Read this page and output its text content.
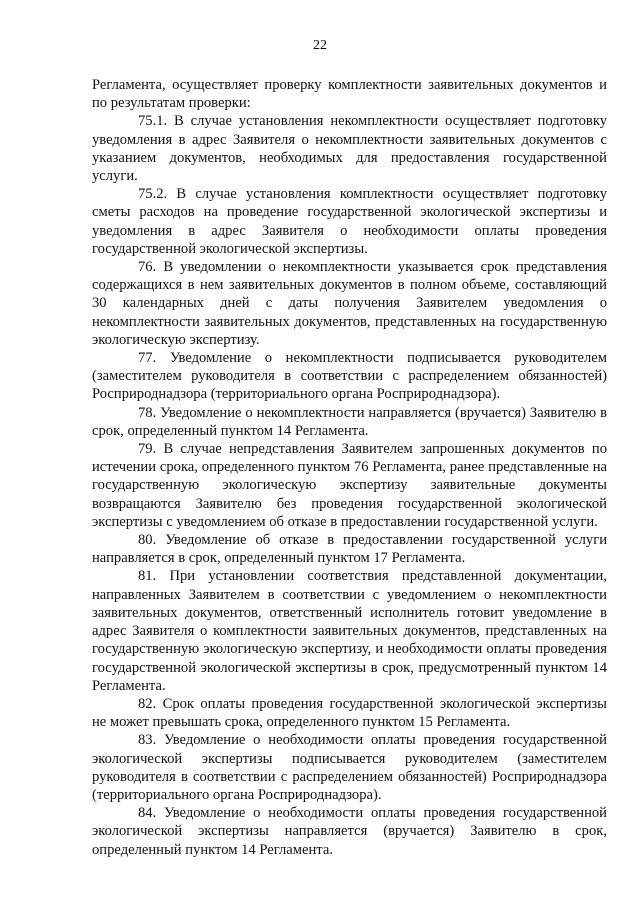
22

Регламента, осуществляет проверку комплектности заявительных документов и по результатам проверки:

75.1. В случае установления некомплектности осуществляет подготовку уведомления в адрес Заявителя о некомплектности заявительных документов с указанием документов, необходимых для предоставления государственной услуги.

75.2. В случае установления комплектности осуществляет подготовку сметы расходов на проведение государственной экологической экспертизы и уведомления в адрес Заявителя о необходимости оплаты проведения государственной экологической экспертизы.

76. В уведомлении о некомплектности указывается срок представления содержащихся в нем заявительных документов в полном объеме, составляющий 30 календарных дней с даты получения Заявителем уведомления о некомплектности заявительных документов, представленных на государственную экологическую экспертизу.

77. Уведомление о некомплектности подписывается руководителем (заместителем руководителя в соответствии с распределением обязанностей) Росприроднадзора (территориального органа Росприроднадзора).

78. Уведомление о некомплектности направляется (вручается) Заявителю в срок, определенный пунктом 14 Регламента.

79. В случае непредставления Заявителем запрошенных документов по истечении срока, определенного пунктом 76 Регламента, ранее представленные на государственную экологическую экспертизу заявительные документы возвращаются Заявителю без проведения государственной экологической экспертизы с уведомлением об отказе в предоставлении государственной услуги.

80. Уведомление об отказе в предоставлении государственной услуги направляется в срок, определенный пунктом 17 Регламента.

81. При установлении соответствия представленной документации, направленных Заявителем в соответствии с уведомлением о некомплектности заявительных документов, ответственный исполнитель готовит уведомление в адрес Заявителя о комплектности заявительных документов, представленных на государственную экологическую экспертизу, и необходимости оплаты проведения государственной экологической экспертизы в срок, предусмотренный пунктом 14 Регламента.

82. Срок оплаты проведения государственной экологической экспертизы не может превышать срока, определенного пунктом 15 Регламента.

83. Уведомление о необходимости оплаты проведения государственной экологической экспертизы подписывается руководителем (заместителем руководителя в соответствии с распределением обязанностей) Росприроднадзора (территориального органа Росприроднадзора).

84. Уведомление о необходимости оплаты проведения государственной экологической экспертизы направляется (вручается) Заявителю в срок, определенный пунктом 14 Регламента.
